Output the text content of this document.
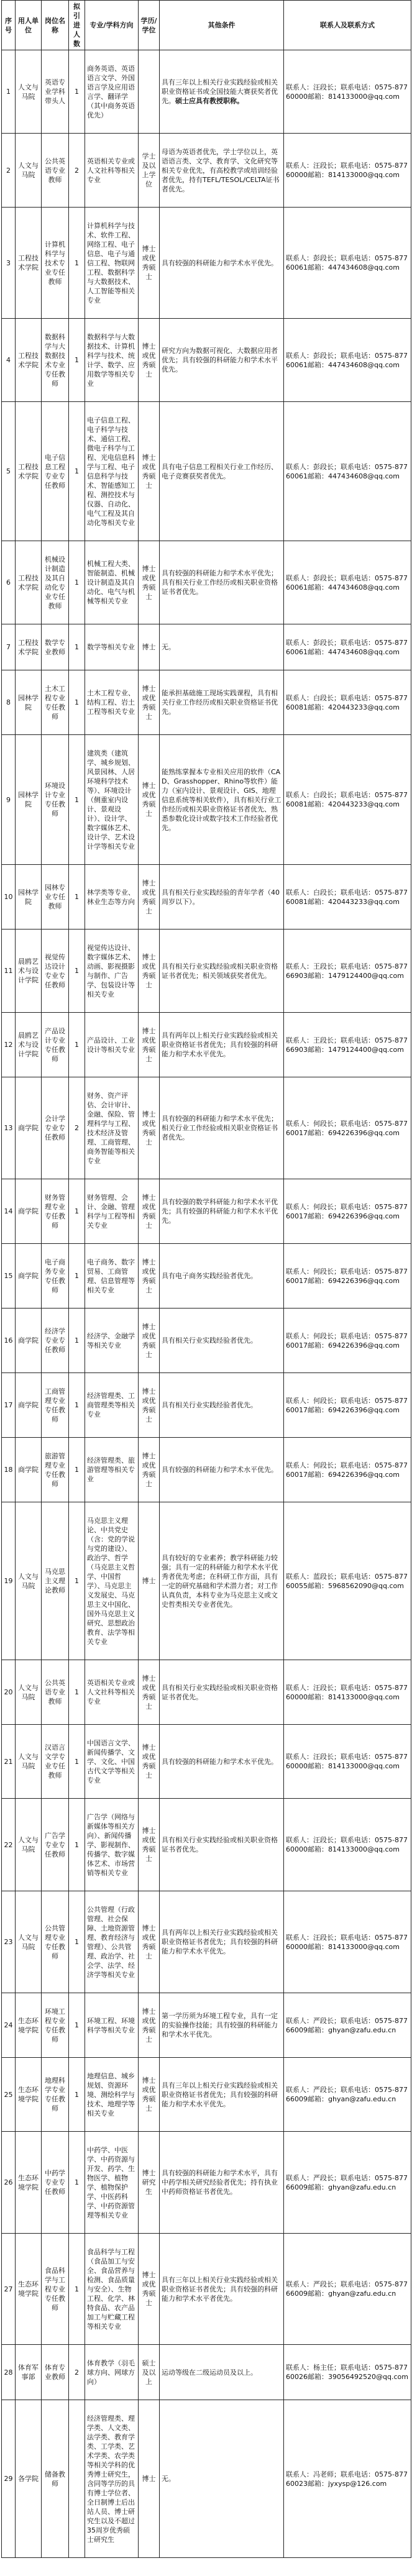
序号	用人单位	岗位名称	拟引进人数	专业/学科方向	学历/学位	其他条件	联系人及联系方式
1	人文与马院	英语专业学科带头人	1	商务英语、英语语言文学、外国语言学及应用语言学、翻译学（其中商务英语优先）		具有三年以上相关行业实践经验或相关职业资格证书或全国技能大赛获奖者优先。硕士应具有教授职称。	联系人：汪段长；联系电话：0575-87760000邮箱：814133000@qq.com
2	人文与马院	公共英语专业教师	2	英语相关专业或人文社科等相关专业	学士及以上学位	母语为英语者优先，学士学位以上，英语语言类、文学、教育学、文化研究等相关专业优先，有高校教学或培训经验者优先，持有TEFL/TESOL/CELTA证书者优先。	联系人：汪段长；联系电话：0575-87760000邮箱：814133000@qq.com
3	工程技术学院	计算机科学与技术专业专任教师	1	计算机科学与技术、软件工程、网络工程、电子信息、电子与通信工程、物联网工程、数据科学与大数据技术、人工智能等相关专业	博士或优秀硕士	具有较强的科研能力和学术水平优先。	联系人：彭段长；联系电话：0575-87760061邮箱：447434608@qq.com
4	工程技术学院	数据科学与大数据技术专业专任教师	1	数据科学与大数据技术、计算机科学与技术、统计学、数学、应用数学等相关专业	博士或优秀硕士	研究方向为数据可视化、大数据应用者优先；具有较强的科研能力和学术水平优先。	联系人：彭段长；联系电话：0575-87760061邮箱：447434608@qq.com
5	工程技术学院	电子信息工程专业专任教师	1	电子信息工程、电子科学与技术、通信工程、微电子科学与工程、光电信息科学与工程、电子信息科学与技术、智能感知工程、测控技术与仪器、自动化、电气工程及其自动化等相关专业	博士或优秀硕士	具有电子信息工程相关行业工作经历、电子竞赛获奖者优先。	联系人：彭段长；联系电话：0575-87760061邮箱：447434608@qq.com
6	工程技术学院	机械设计制造及其自动化专业专任教师	1	机械工程大类、智能制造、机械设计制造及其自动化、电气与机械等相关专业	博士或优秀硕士	具有较强的科研能力和学术水平优先；具有相关行业工作经历或相关职业资格证书者优先。	联系人：彭段长；联系电话：0575-87760061邮箱：447434608@qq.com
7	工程技术学院	数学专业教师	1	数学等相关专业	博士	无。	联系人：彭段长；联系电话：0575-87760061邮箱：447434608@qq.com
8	园林学院	土木工程专业专任教师	1	土木工程专业、结构工程、岩土工程等相关专业	博士或优秀硕士	能承担基础施工现场实践课程，具有相关行业工作经历或相关职业资格证书优先。	联系人：白段长；联系电话：0575-87760081邮箱：420443233@qq.com
9	园林学院	环境设计专业专任教师	1	建筑类（建筑学、城乡规划、风景园林、人居环境科学技术等）、环境设计（侧重室内设计、景观设计）、设计学、数字媒体艺术、设计学、艺术设计学等相关专业	博士或优秀硕士	能熟练掌握本专业相关应用的软件（CAD、Grasshopper、Rhino等软件）能力（室内设计、景观设计、GIS、地理信息系统等相关软件），具有相关行业工作经历或相关职业资格证书者优先、熟悉参数化设计或数字技术工作经验者优先。	联系人：白段长；联系电话：0575-87760081邮箱：420443233@qq.com
10	园林学院	园林专业专任教师	1	林学类等专业、林业生态等方向	博士或优秀硕士	具有相关行业实践经验的青年学者（40周岁以下）。	联系人：白段长；联系电话：0575-87760081邮箱：420443233@qq.com
11	晨鸥艺术与设计学院	视觉传达设计专业专任教师	1	视觉传达设计、数字媒体艺术、动画、影视摄影与制作、广告学、包装设计等相关专业	博士或优秀硕士	具有相关行业实践经验或相关职业资格证书者优先；相关领域获奖者优先。	联系人：王段长；联系电话：0575-87766903邮箱：1479124400@qq.com
12	晨鸥艺术与设计学院	产品设计专业专任教师	1	产品设计、工业设计等相关专业	博士或优秀硕士	具有两年以上相关行业实践经验或相关职业资格证书者优先；具有较强的科研能力和学术水平优先。	联系人：王段长；联系电话：0575-87766903邮箱：1479124400@qq.com
13	商学院	会计学专业专任教师	2	财务、资产评估、会计审计、金融、保险、管理科学与工程、技术经济及管理、工商管理、商务智能等相关专业	博士或优秀硕士	具有较强的科研能力和学术水平优先；相关行业工作经验或相关职业资格证书者优先。	联系人：何段长；联系电话：0575-87760017邮箱：694226396@qq.com
14	商学院	财务管理专业专任教师	1	财务管理、会计、金融、管理科学与工程等相关专业	博士或优秀硕士	具有较强的数学科研能力和学术水平优先；具有较强的科研能力和学术水平优先。	联系人：何段长；联系电话：0575-87760017邮箱：694226396@qq.com
15	商学院	电子商务专业专任教师	1	电子商务、数字贸易、工商管理、信息管理等相关专业	博士或优秀硕士	具有电子商务实践经验者优先。	联系人：何段长；联系电话：0575-87760017邮箱：694226396@qq.com
16	商学院	经济学专业专任教师	1	经济学、金融学等相关专业	博士或优秀硕士	具有相关行业实践经验者优先。	联系人：何段长；联系电话：0575-87760017邮箱：694226396@qq.com
17	商学院	工商管理专业专任教师	1	经济管理类、工商管理类等相关专业	博士或优秀硕士	具有相关行业实践经验者优先。	联系人：何段长；联系电话：0575-87760017邮箱：694226396@qq.com
18	商学院	旅游管理专业专任教师	1	经济管理类、旅游管理等相关专业	博士或优秀硕士	具有较强的科研能力和学术水平优先。	联系人：何段长；联系电话：0575-87760017邮箱：694226396@qq.com
19	人文与马院	马克思主义理论教师	1	马克思主义理论、中共党史（含：党的学说与党的建设）、政治学、哲学（马克思主义哲学、中国哲学）、马克思主义发展史、马克思主义中国化、国外马克思主义研究、思想政治教育、法学等相关专业	博士	具有较好的专业素养；教学科研能力较强；具有一定的科研能力和学术水平优秀者优先考虑；在科研工作方面，具有一定的研究基础和学术潜力者；对工作认真负责，本科专业为马克思主义或文史哲类相关专业者优先。	联系人：蓝段长；联系电话：0575-87760055邮箱：5968562090@qq.com
20	人文与马院	公共英语专业教师	1	英语相关专业或人文社科等相关专业	博士或优秀硕士	具有相关行业实践经验或相关职业资格证书者优先。	联系人：汪段长；联系电话：0575-87760000邮箱：814133000@qq.com
21	人文与马院	汉语言文学专业专任教师	1	中国语言文学、新闻传播学、文学、文化、中国古代文学等相关专业	博士或优秀硕士	具有较强的科研能力和学术水平优先。	联系人：汪段长；联系电话：0575-87760000邮箱：814133000@qq.com
22	人文与马院	广告学专业专任教师	1	广告学（网络与新媒体等相关方向）、新闻传播学、影视制作、传播学、数字媒体艺术、市场营销等相关专业	博士或优秀硕士	具有相关行业实践经验或相关职业资格证书者优先。	联系人：汪段长；联系电话：0575-87760000邮箱：814133000@qq.com
23	人文与马院	公共管理专业专任教师	1	公共管理（行政管理、社会保障、土地资源管理、教育经济与管理）、公共管理、政治学、社会学、法学、经济学等相关专业	博士或优秀硕士	具有两年以上相关行业实践经验或相关职业资格证书者优先；具有较强的科研能力和学术水平优先。	联系人：汪段长；联系电话：0575-87760000邮箱：814133000@qq.com
24	生态环境学院	环境工程专业专任教师	1	环境工程、环境科学等相关专业	博士或优秀硕士	第一学历须为环境工程专业，具有一定的实验操作技能；具有较强的科研能力和学术水平优先。	联系人：严段长；联系电话：0575-87766009邮箱：ghyan@zafu.edu.cn
25	生态环境学院	地理科学专业专任教师	1	地理信息、城乡规划、资源环境、测绘科学与技术、地理学等相关专业	博士或优秀硕士	具有三年以上相关行业实践经验或相关职业资格证书者优先；具有较强的科研能力和学术水平优先。	联系人：严段长；联系电话：0575-87766009邮箱：ghyan@zafu.edu.cn
26	生态环境学院	中药学专业专任教师	1	中药学、中医学、中药资源与开发、药学、生物医学、植物学、植物保护学、中医药科学、中药资源管理等相关专业	博士研究生	具有较强的科研能力和学术水平，具有中药学相关研究经验者优先；持有执业中药师资格证书者优先。	联系人：严段长；联系电话：0575-87766009邮箱：ghyan@zafu.edu.cn
27	生态环境学院	食品科学与工程专业专任教师	1	食品科学与工程（食品加工与安全、食品营养与检测、食品质量与安全）、生物工程、化学、林特食品、农产品加工与贮藏工程等相关专业	博士或优秀硕士	具有三年以上相关行业实践经验或相关职业资格证书者优先；具有较强的科研能力和学术水平者优先。	联系人：严段长；联系电话：0575-87766009邮箱：ghyan@zafu.edu.cn
28	体育军事部	体育专业教师	2	体育教学（羽毛球方向、网球方向）	硕士及以上	运动等级在二级运动员及以上。	联系人：杨主任；联系电话：0575-87760026邮箱：39056492520@qq.com
29	各学院	储备教师		经济管理类、理学类、人文类、法学类、教育学类、工学类、艺术学类、农学类等相关学科的优秀博士研究生，含同等学历的具有博士学位者、全日制博士后出站人员、博士研究生以及不超过35周岁优秀硕士研究生	博士	无。	联系人：冯老师；联系电话：0575-87760023邮箱：jyxysp@126.com
